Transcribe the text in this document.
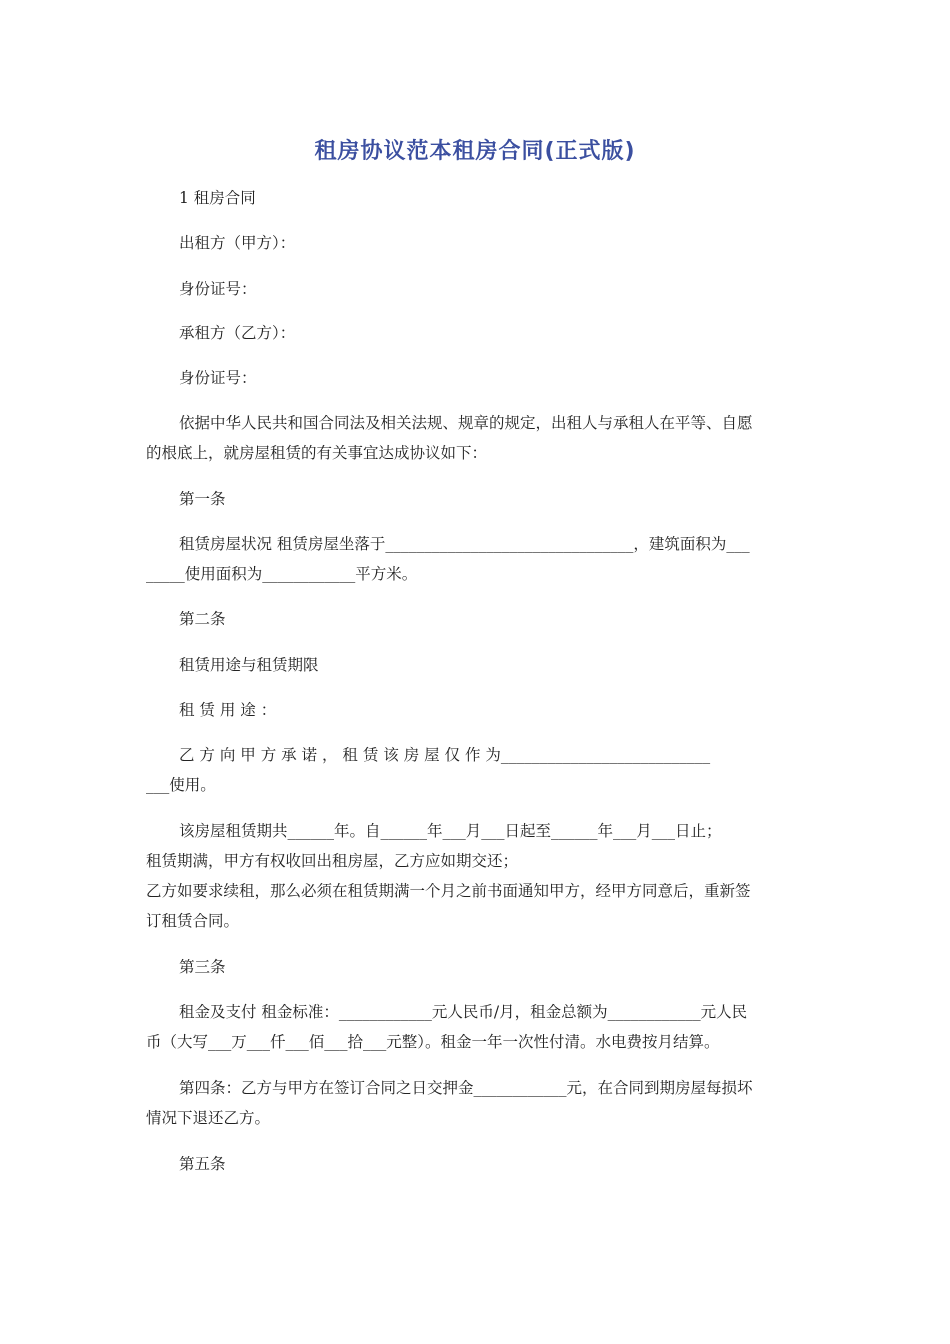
租房协议范本租房合同(正式版)
1 租房合同
出租方（甲方）：
身份证号：
承租方（乙方）：
身份证号：
依据中华人民共和国合同法及相关法规、规章的规定，出租人与承租人在平等、自愿
的根底上，就房屋租赁的有关事宜达成协议如下：
第一条
租赁房屋状况 租赁房屋坐落于________________________________，建筑面积为___
_____使用面积为____________平方米。
第二条
租赁用途与租赁期限
租 赁 用 途 ：
乙 方 向 甲 方 承 诺 ， 租 赁 该 房 屋 仅 作 为___________________________
___使用。
该房屋租赁期共______年。自______年___月___日起至______年___月___日止；
租赁期满，甲方有权收回出租房屋，乙方应如期交还；
乙方如要求续租，那么必须在租赁期满一个月之前书面通知甲方，经甲方同意后，重新签
订租赁合同。
第三条
租金及支付 租金标准：____________元人民币/月，租金总额为____________元人民
币（大写___万___仟___佰___拾___元整）。租金一年一次性付清。水电费按月结算。
第四条：乙方与甲方在签订合同之日交押金____________元，在合同到期房屋每损坏
情况下退还乙方。
第五条
